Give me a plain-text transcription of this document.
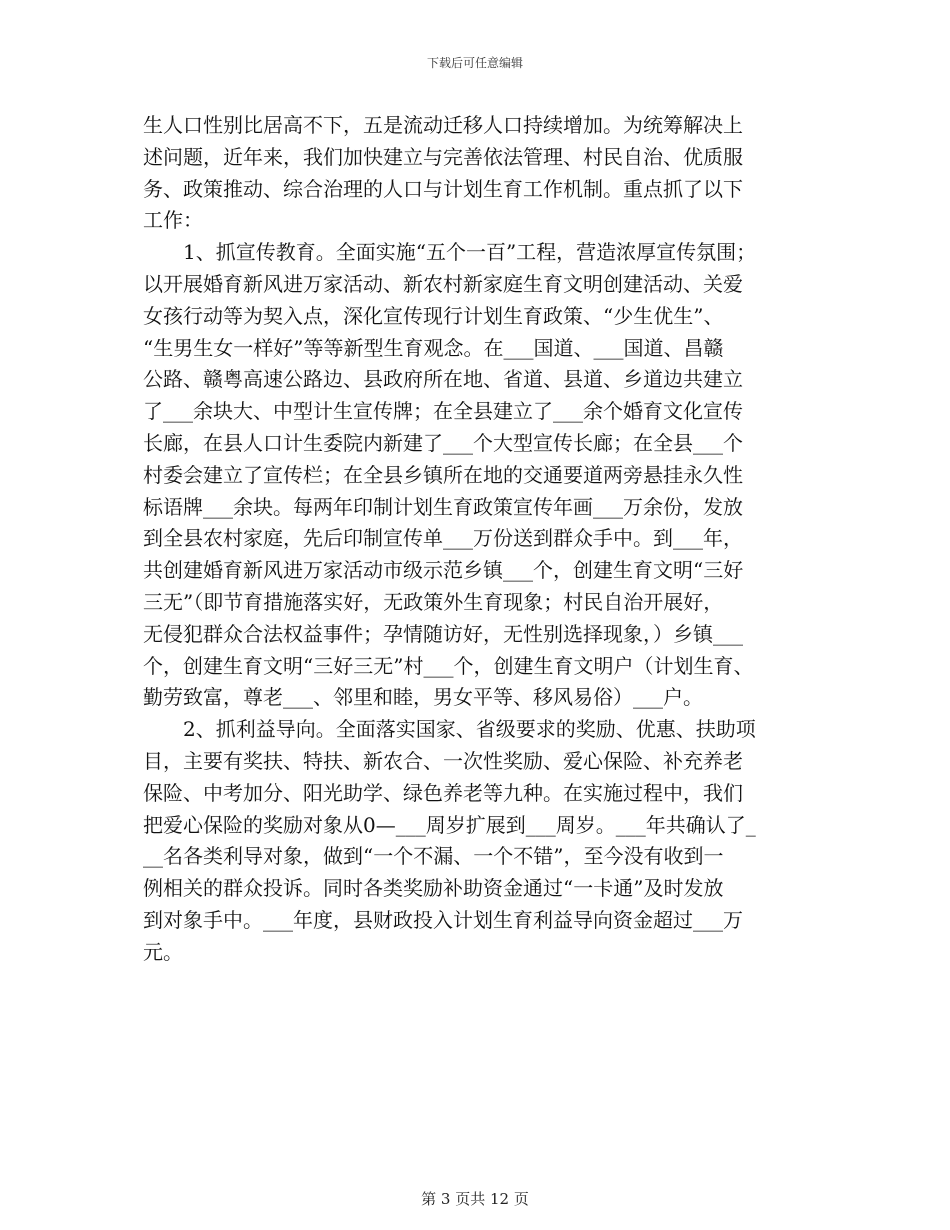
下载后可任意编辑
生人口性别比居高不下，五是流动迁移人口持续增加。为统筹解决上
述问题，近年来，我们加快建立与完善依法管理、村民自治、优质服
务、政策推动、综合治理的人口与计划生育工作机制。重点抓了以下
工作：
　　1、抓宣传教育。全面实施“五个一百”工程，营造浓厚宣传氛围；
以开展婚育新风进万家活动、新农村新家庭生育文明创建活动、关爱
女孩行动等为契入点，深化宣传现行计划生育政策、“少生优生”、
“生男生女一样好”等等新型生育观念。在___国道、___国道、昌赣
公路、赣粤高速公路边、县政府所在地、省道、县道、乡道边共建立
了___余块大、中型计生宣传牌；在全县建立了___余个婚育文化宣传
长廊，在县人口计生委院内新建了___个大型宣传长廊；在全县___个
村委会建立了宣传栏；在全县乡镇所在地的交通要道两旁悬挂永久性
标语牌___余块。每两年印制计划生育政策宣传年画___万余份，发放
到全县农村家庭，先后印制宣传单___万份送到群众手中。到___年，
共创建婚育新风进万家活动市级示范乡镇___个，创建生育文明“三好
三无”（即节育措施落实好，无政策外生育现象；村民自治开展好，
无侵犯群众合法权益事件；孕情随访好，无性别选择现象，）乡镇___
个，创建生育文明“三好三无”村___个，创建生育文明户（计划生育、
勤劳致富，尊老___、邻里和睦，男女平等、移风易俗）___户。
　　2、抓利益导向。全面落实国家、省级要求的奖励、优惠、扶助项
目，主要有奖扶、特扶、新农合、一次性奖励、爱心保险、补充养老
保险、中考加分、阳光助学、绿色养老等九种。在实施过程中，我们
把爱心保险的奖励对象从0—___周岁扩展到___周岁。___年共确认了_
__名各类利导对象，做到“一个不漏、一个不错”，至今没有收到一
例相关的群众投诉。同时各类奖励补助资金通过“一卡通”及时发放
到对象手中。___年度，县财政投入计划生育利益导向资金超过___万
元。
第 3 页共 12 页
